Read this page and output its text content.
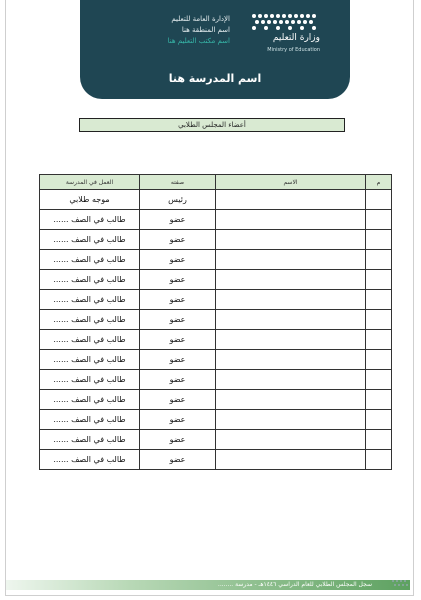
الإدارة العامة للتعليم
اسم المنطقة هنا
اسم مكتب التعليم هنا	وزارة التعليم
Ministry of Education
اسم المدرسة هنا
أعضاء المجلس الطلابي
العمل في المدرسة	صفته	الاسم	م
موجه طلابي	رئيس		
طالب في الصف ......	عضو		
طالب في الصف ......	عضو		
طالب في الصف ......	عضو		
طالب في الصف ......	عضو		
طالب في الصف ......	عضو		
طالب في الصف ......	عضو		
طالب في الصف ......	عضو		
طالب في الصف ......	عضو		
طالب في الصف ......	عضو		
طالب في الصف ......	عضو		
طالب في الصف ......	عضو		
طالب في الصف ......	عضو		
طالب في الصف ......	عضو		
سجل المجلس الطلابي للعام الدراسي ١٤٤٦هـ - مدرسة ........
